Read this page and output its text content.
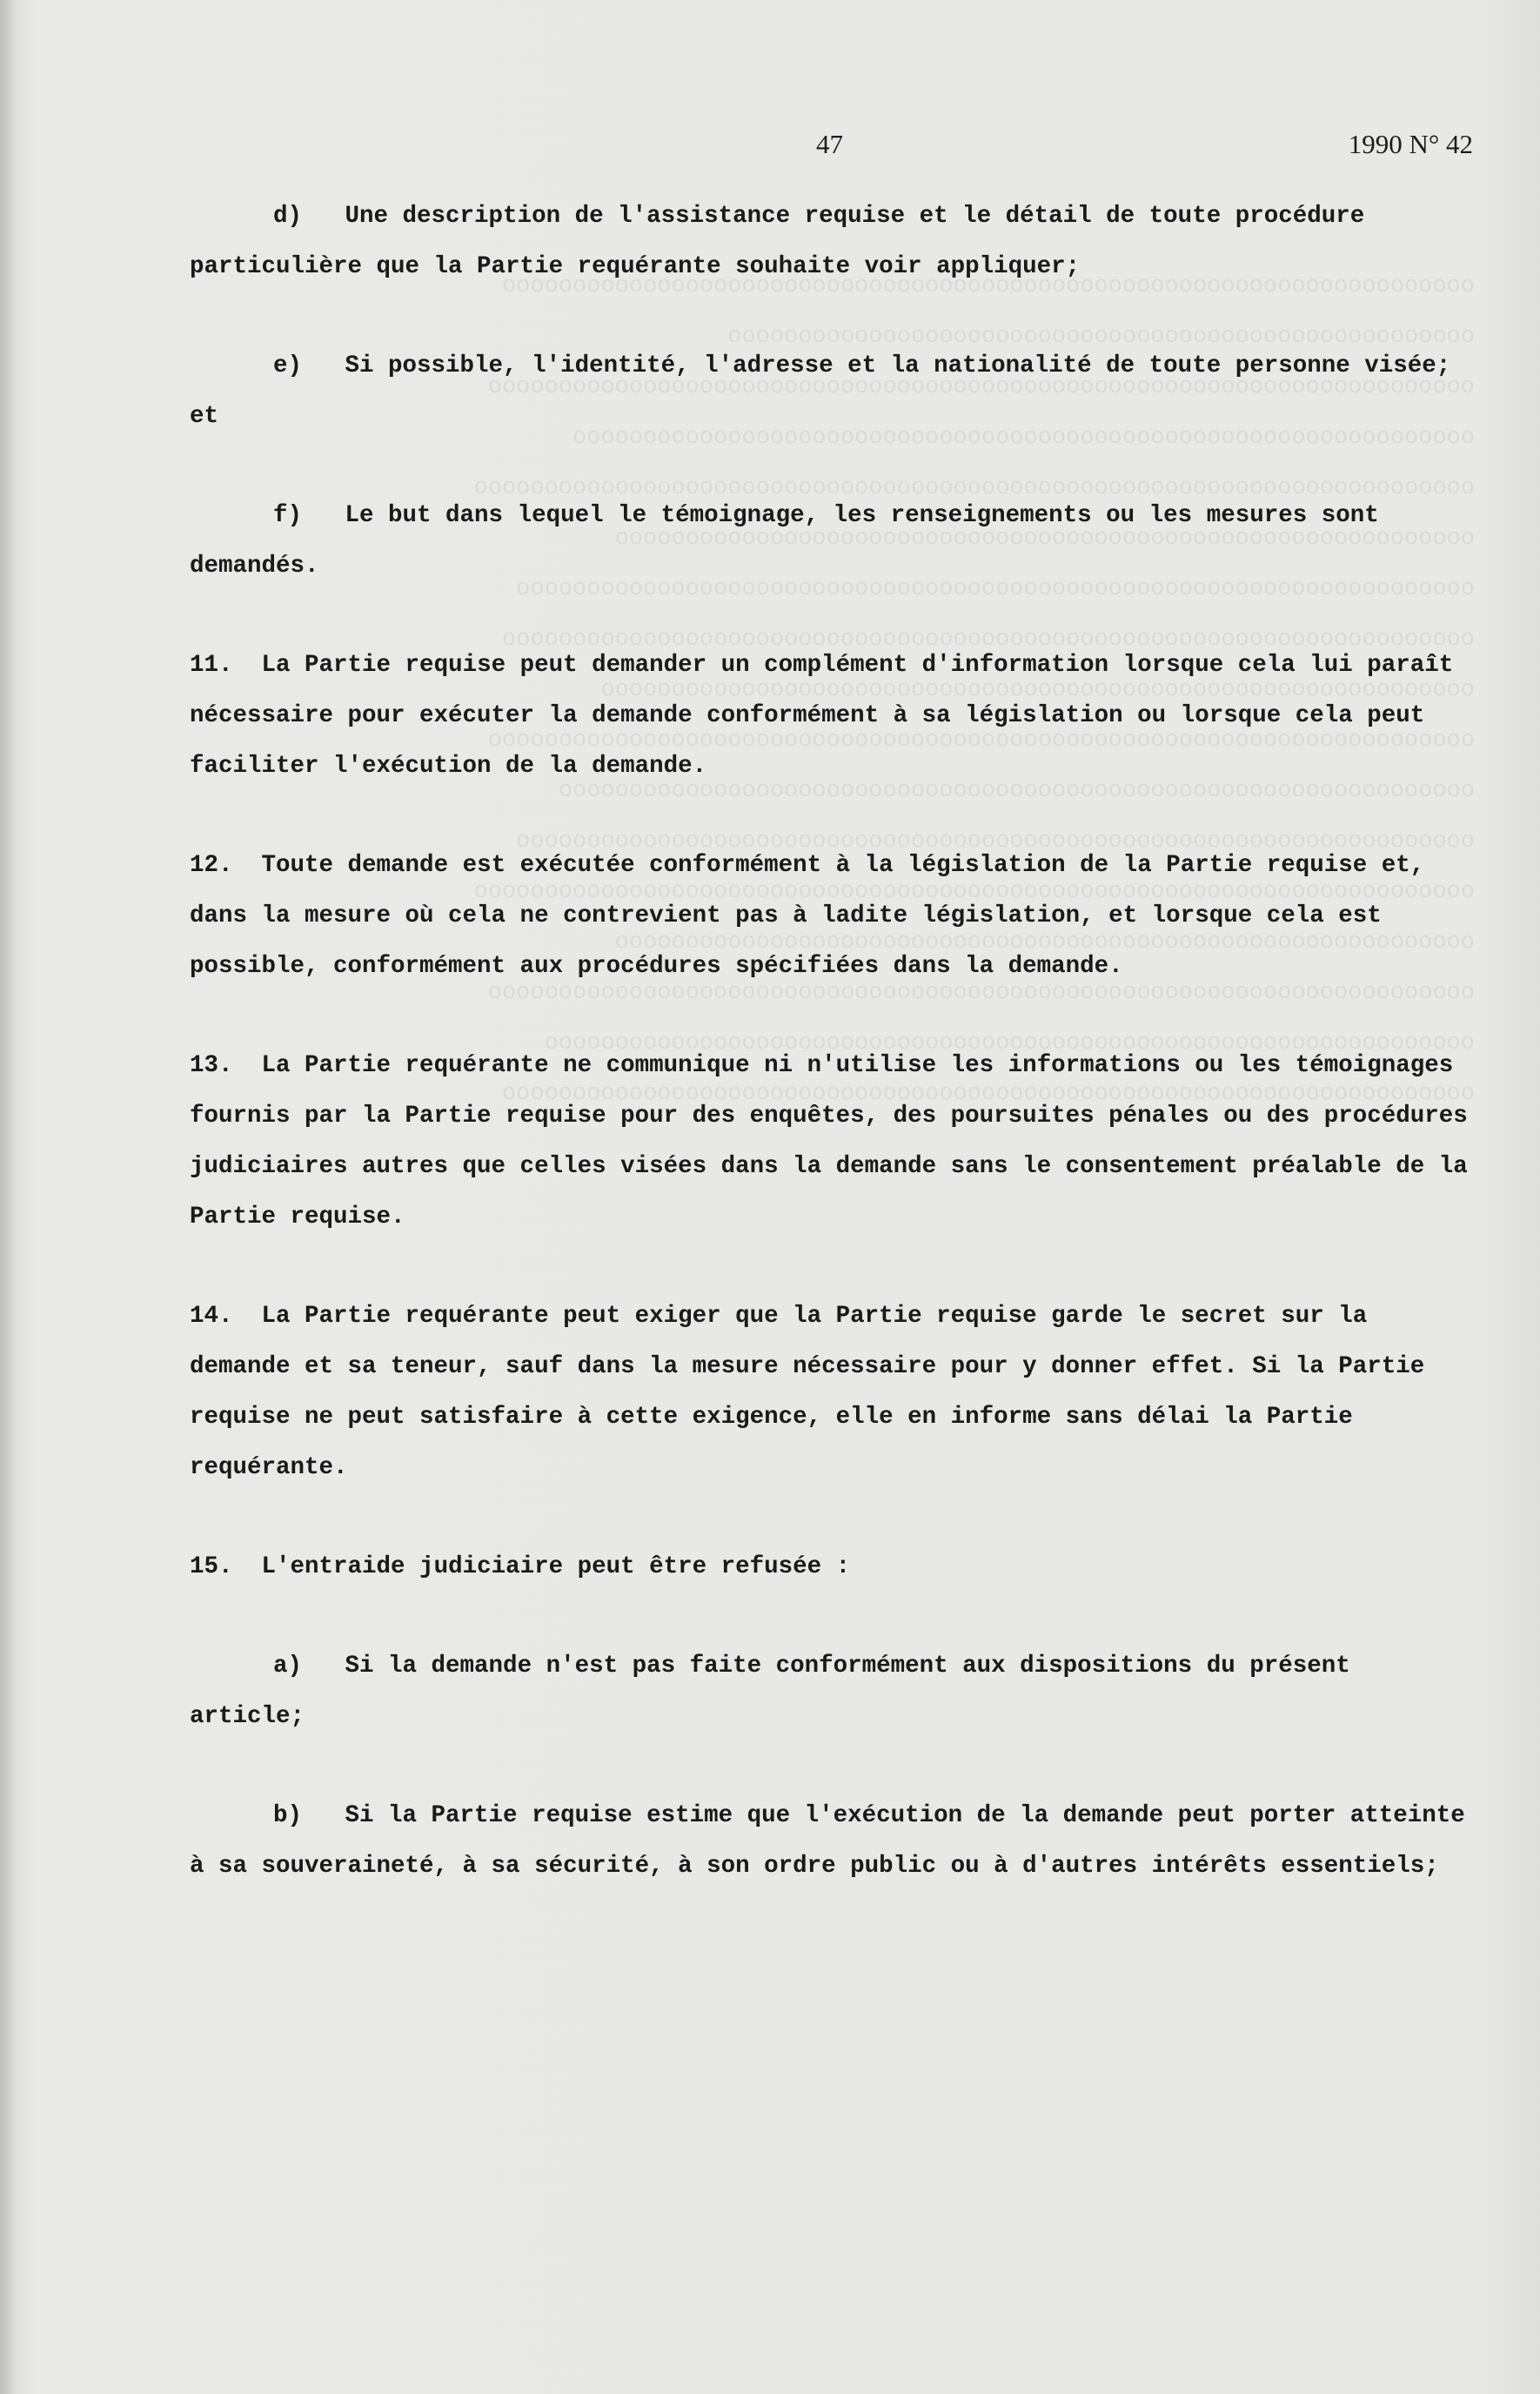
ooooooooooooooooooooooooooooooooooooooooooooooooooooooooooooooooooooo
ooooooooooooooooooooooooooooooooooooooooooooooooooooo
oooooooooooooooooooooooooooooooooooooooooooooooooooooooooooooooooooooo
oooooooooooooooooooooooooooooooooooooooooooooooooooooooooooooooo
ooooooooooooooooooooooooooooooooooooooooooooooooooooooooooooooooooooooo
ooooooooooooooooooooooooooooooooooooooooooooooooooooooooooooo
oooooooooooooooooooooooooooooooooooooooooooooooooooooooooooooooooooo
ooooooooooooooooooooooooooooooooooooooooooooooooooooooooooooooooooooo
oooooooooooooooooooooooooooooooooooooooooooooooooooooooooooooo
oooooooooooooooooooooooooooooooooooooooooooooooooooooooooooooooooooooo
ooooooooooooooooooooooooooooooooooooooooooooooooooooooooooooooooo
oooooooooooooooooooooooooooooooooooooooooooooooooooooooooooooooooooo
ooooooooooooooooooooooooooooooooooooooooooooooooooooooooooooooooooooooo
ooooooooooooooooooooooooooooooooooooooooooooooooooooooooooooo
oooooooooooooooooooooooooooooooooooooooooooooooooooooooooooooooooooooo
oooooooooooooooooooooooooooooooooooooooooooooooooooooooooooooooooo
ooooooooooooooooooooooooooooooooooooooooooooooooooooooooooooooooooooo
47	1990 N° 42

d) Une description de l'assistance requise et le détail de toute procédure particulière que la Partie requérante souhaite voir appliquer;

e) Si possible, l'identité, l'adresse et la nationalité de toute personne visée; et

f) Le but dans lequel le témoignage, les renseignements ou les mesures sont demandés.

11. La Partie requise peut demander un complément d'information lorsque cela lui paraît nécessaire pour exécuter la demande conformément à sa législation ou lorsque cela peut faciliter l'exécution de la demande.

12. Toute demande est exécutée conformément à la législation de la Partie requise et, dans la mesure où cela ne contrevient pas à ladite législation, et lorsque cela est possible, conformément aux procédures spécifiées dans la demande.

13. La Partie requérante ne communique ni n'utilise les informations ou les témoignages fournis par la Partie requise pour des enquêtes, des poursuites pénales ou des procédures judiciaires autres que celles visées dans la demande sans le consentement préalable de la Partie requise.

14. La Partie requérante peut exiger que la Partie requise garde le secret sur la demande et sa teneur, sauf dans la mesure nécessaire pour y donner effet. Si la Partie requise ne peut satisfaire à cette exigence, elle en informe sans délai la Partie requérante.

15. L'entraide judiciaire peut être refusée :

a) Si la demande n'est pas faite conformément aux dispositions du présent article;

b) Si la Partie requise estime que l'exécution de la demande peut porter atteinte à sa souveraineté, à sa sécurité, à son ordre public ou à d'autres intérêts essentiels;
